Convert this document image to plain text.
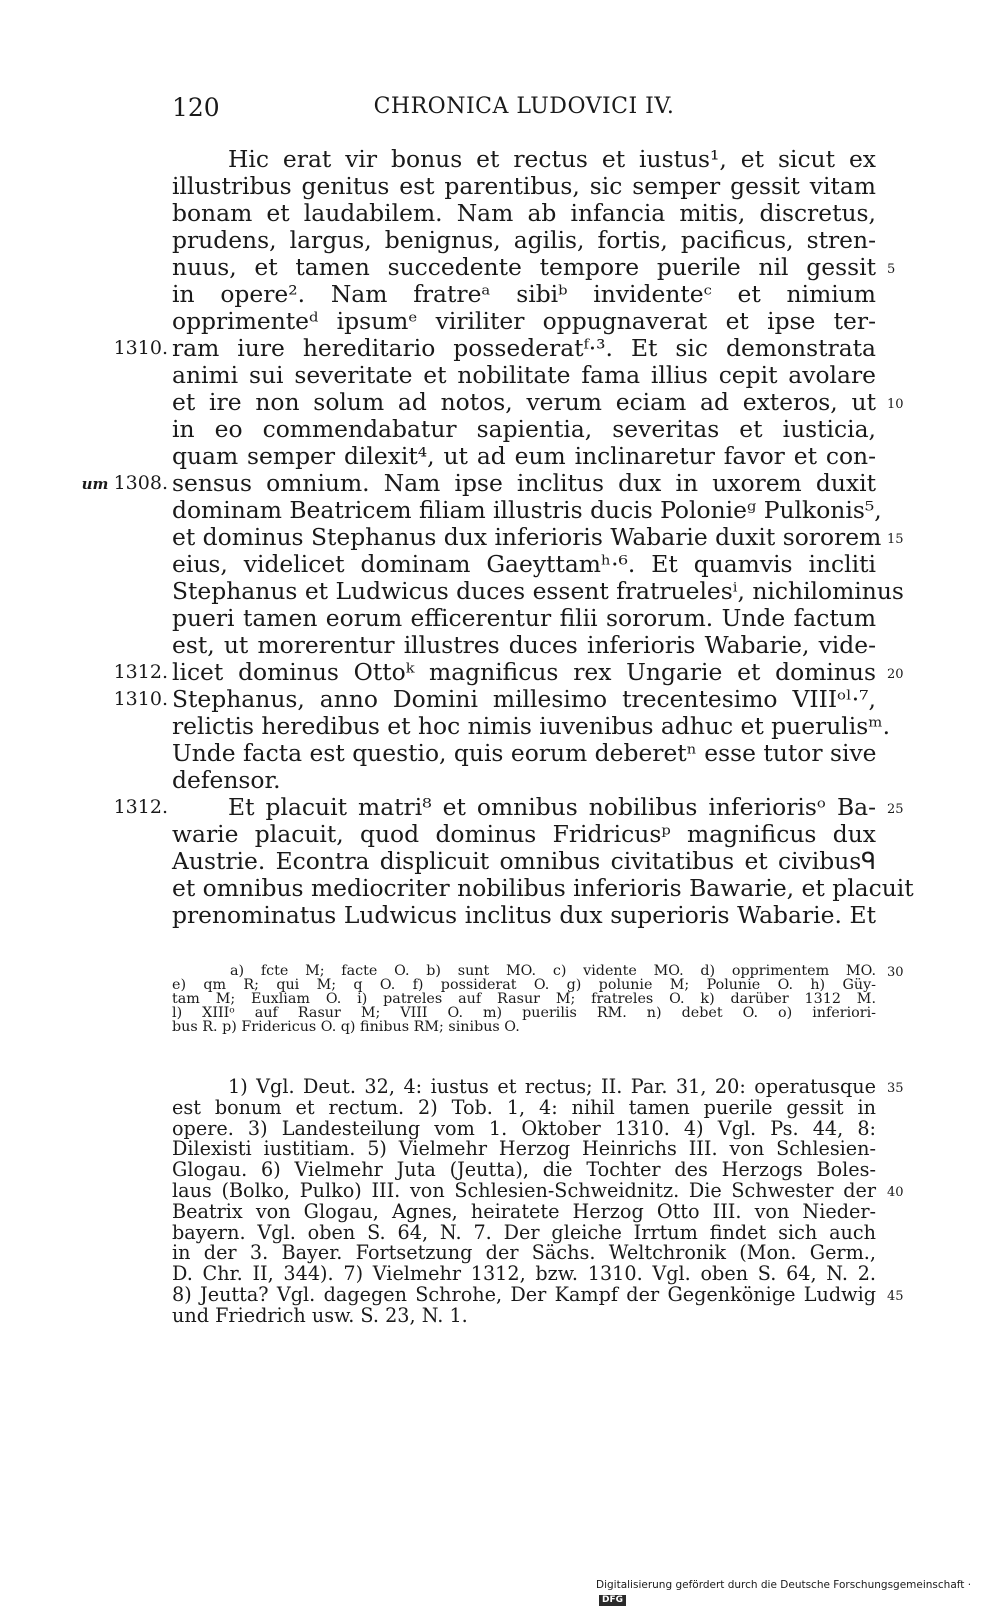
120	CHRONICA LUDOVICI IV.
Hic erat vir bonus et rectus et iustus¹, et sicut ex
illustribus genitus est parentibus, sic semper gessit vitam
bonam et laudabilem. Nam ab infancia mitis, discretus,
prudens, largus, benignus, agilis, fortis, pacificus, stren-
nuus, et tamen succedente tempore puerile nil gessit
in opere². Nam fratreᵃ sibiᵇ invidenteᶜ et nimium
opprimenteᵈ ipsumᵉ viriliter oppugnaverat et ipse ter-
ram iure hereditario possederatᶠ·³. Et sic demonstrata
animi sui severitate et nobilitate fama illius cepit avolare
et ire non solum ad notos, verum eciam ad exteros, ut
in eo commendabatur sapientia, severitas et iusticia,
quam semper dilexit⁴, ut ad eum inclinaretur favor et con-
sensus omnium. Nam ipse inclitus dux in uxorem duxit
dominam Beatricem filiam illustris ducis Polonieᵍ Pulkonis⁵,
et dominus Stephanus dux inferioris Wabarie duxit sororem
eius, videlicet dominam Gaeyttamʰ·⁶. Et quamvis incliti
Stephanus et Ludwicus duces essent fratruelesⁱ, nichilominus
pueri tamen eorum efficerentur filii sororum. Unde factum
est, ut morerentur illustres duces inferioris Wabarie, vide-
licet dominus Ottoᵏ magnificus rex Ungarie et dominus
Stephanus, anno Domini millesimo trecentesimo VIIIᵒˡ·⁷,
relictis heredibus et hoc nimis iuvenibus adhuc et puerulisᵐ.
Unde facta est questio, quis eorum deberetⁿ esse tutor sive
defensor.
Et placuit matri⁸ et omnibus nobilibus inferiorisᵒ Ba-
warie placuit, quod dominus Fridricusᵖ magnificus dux
Austrie. Econtra displicuit omnibus civitatibus et civibusᑫ
et omnibus mediocriter nobilibus inferioris Bawarie, et placuit
prenominatus Ludwicus inclitus dux superioris Wabarie. Et
5
10
15
20
25
1310.
um 1308.
1312.
1310.
1312.
a) fcte M; facte O. b) sunt MO. c) vidente MO. d) opprimentem MO.
e) qm R; qui M; q O. f) possiderat O. g) polunie M; Polunie O. h) Güy-
tam M; Euxliam O. i) patreles auf Rasur M; fratreles O. k) darüber 1312 M.
l) XIIIᵒ auf Rasur M; VIII O. m) puerilis RM. n) debet O. o) inferiori-
bus R. p) Fridericus O. q) finibus RM; sinibus O.
30
1) Vgl. Deut. 32, 4: iustus et rectus; II. Par. 31, 20: operatusque
est bonum et rectum. 2) Tob. 1, 4: nihil tamen puerile gessit in
opere. 3) Landesteilung vom 1. Oktober 1310. 4) Vgl. Ps. 44, 8:
Dilexisti iustitiam. 5) Vielmehr Herzog Heinrichs III. von Schlesien-
Glogau. 6) Vielmehr Juta (Jeutta), die Tochter des Herzogs Boles-
laus (Bolko, Pulko) III. von Schlesien-Schweidnitz. Die Schwester der
Beatrix von Glogau, Agnes, heiratete Herzog Otto III. von Nieder-
bayern. Vgl. oben S. 64, N. 7. Der gleiche Irrtum findet sich auch
in der 3. Bayer. Fortsetzung der Sächs. Weltchronik (Mon. Germ.,
D. Chr. II, 344). 7) Vielmehr 1312, bzw. 1310. Vgl. oben S. 64, N. 2.
8) Jeutta? Vgl. dagegen Schrohe, Der Kampf der Gegenkönige Ludwig
und Friedrich usw. S. 23, N. 1.
35
40
45
Digitalisierung gefördert durch die Deutsche Forschungsgemeinschaft ·DFG
